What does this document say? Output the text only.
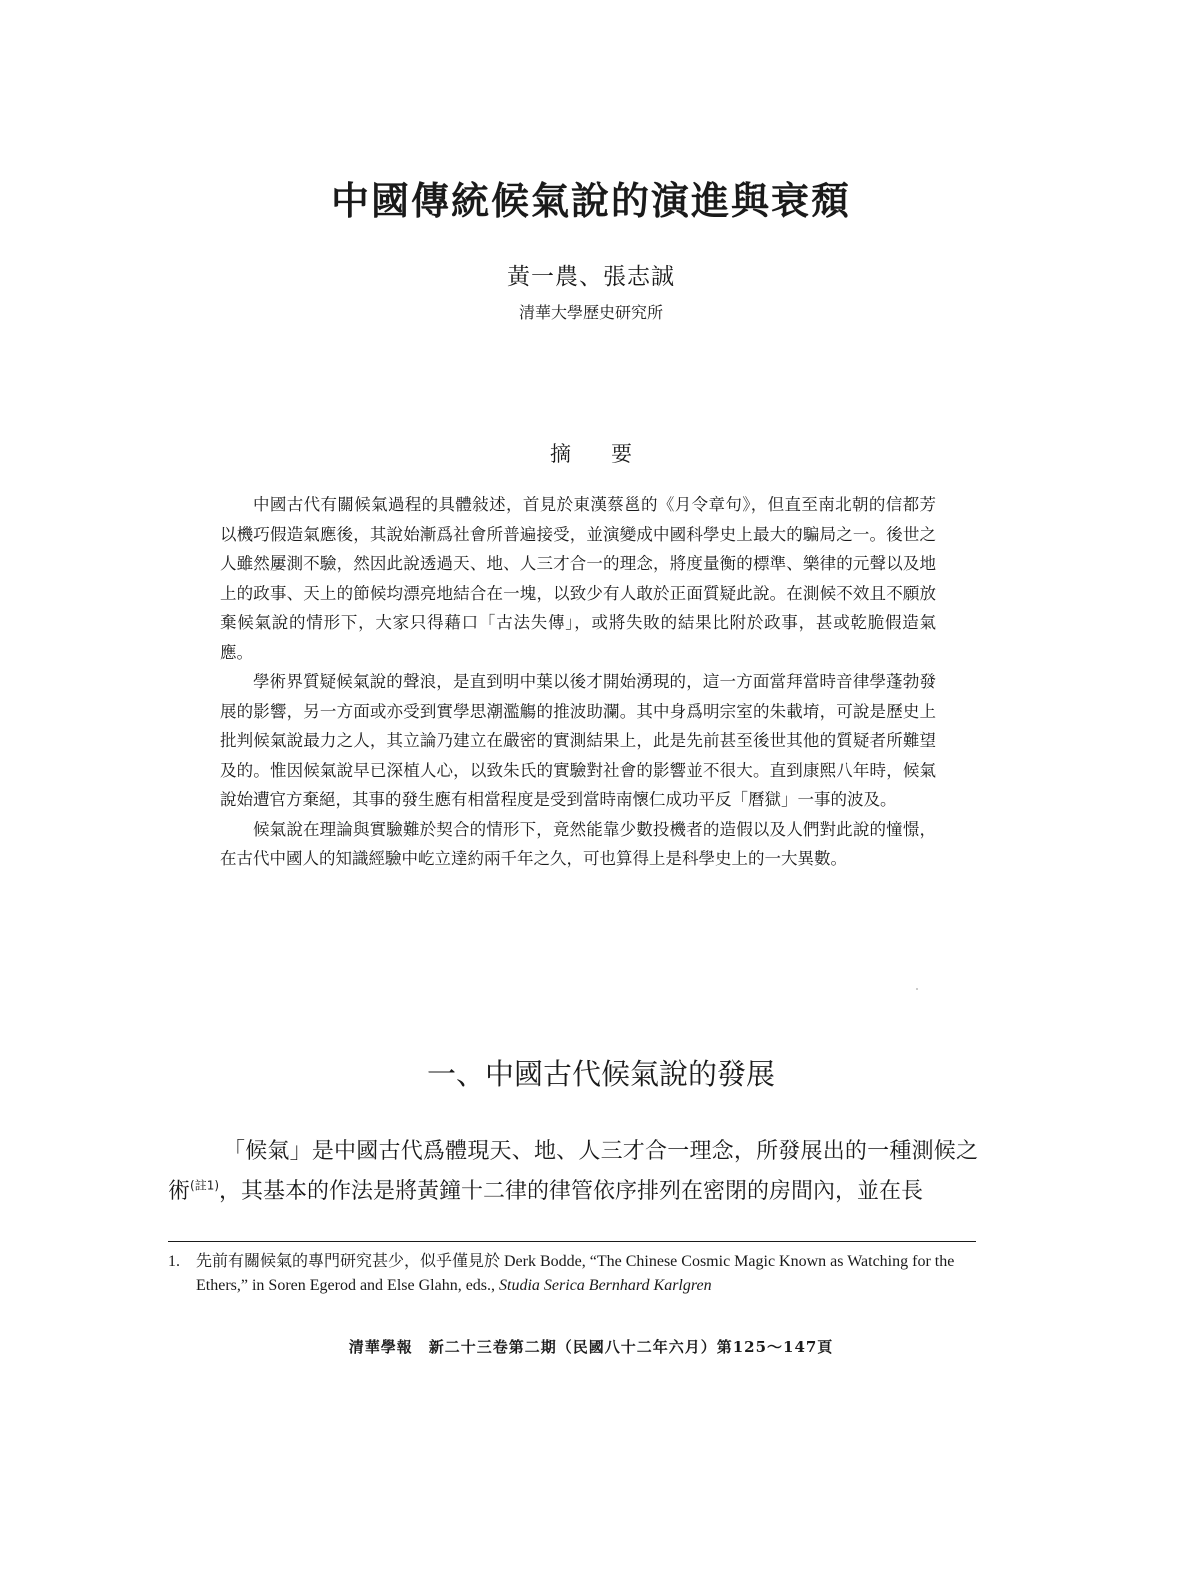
中國傳統候氣說的演進與衰頹
黃一農、張志誠
清華大學歷史研究所
摘要

中國古代有關候氣過程的具體敍述，首見於東漢蔡邕的《月令章句》，但直至南北朝的信都芳以機巧假造氣應後，其說始漸爲社會所普遍接受，並演變成中國科學史上最大的騙局之一。後世之人雖然屢測不驗，然因此說透過天、地、人三才合一的理念，將度量衡的標準、樂律的元聲以及地上的政事、天上的節候均漂亮地結合在一塊，以致少有人敢於正面質疑此說。在測候不效且不願放棄候氣說的情形下，大家只得藉口「古法失傳」，或將失敗的結果比附於政事，甚或乾脆假造氣應。

學術界質疑候氣說的聲浪，是直到明中葉以後才開始湧現的，這一方面當拜當時音律學蓬勃發展的影響，另一方面或亦受到實學思潮濫觴的推波助瀾。其中身爲明宗室的朱載堉，可說是歷史上批判候氣說最力之人，其立論乃建立在嚴密的實測結果上，此是先前甚至後世其他的質疑者所難望及的。惟因候氣說早已深植人心，以致朱氏的實驗對社會的影響並不很大。直到康熙八年時，候氣說始遭官方棄絕，其事的發生應有相當程度是受到當時南懷仁成功平反「曆獄」一事的波及。

候氣說在理論與實驗難於契合的情形下，竟然能靠少數投機者的造假以及人們對此說的憧憬，在古代中國人的知識經驗中屹立達約兩千年之久，可也算得上是科學史上的一大異數。

一、中國古代候氣說的發展

「候氣」是中國古代爲體現天、地、人三才合一理念，所發展出的一種測候之術$^{(註1)}$，其基本的作法是將黃鐘十二律的律管依序排列在密閉的房間內，並在長

1. 先前有關候氣的專門研究甚少，似乎僅見於 Derk Bodde, “The Chinese Cosmic Magic Known as Watching for the Ethers,” in Soren Egerod and Else Glahn, eds., Studia Serica Bernhard Karlgren
清華學報　新二十三卷第二期（民國八十二年六月）第125～147頁
